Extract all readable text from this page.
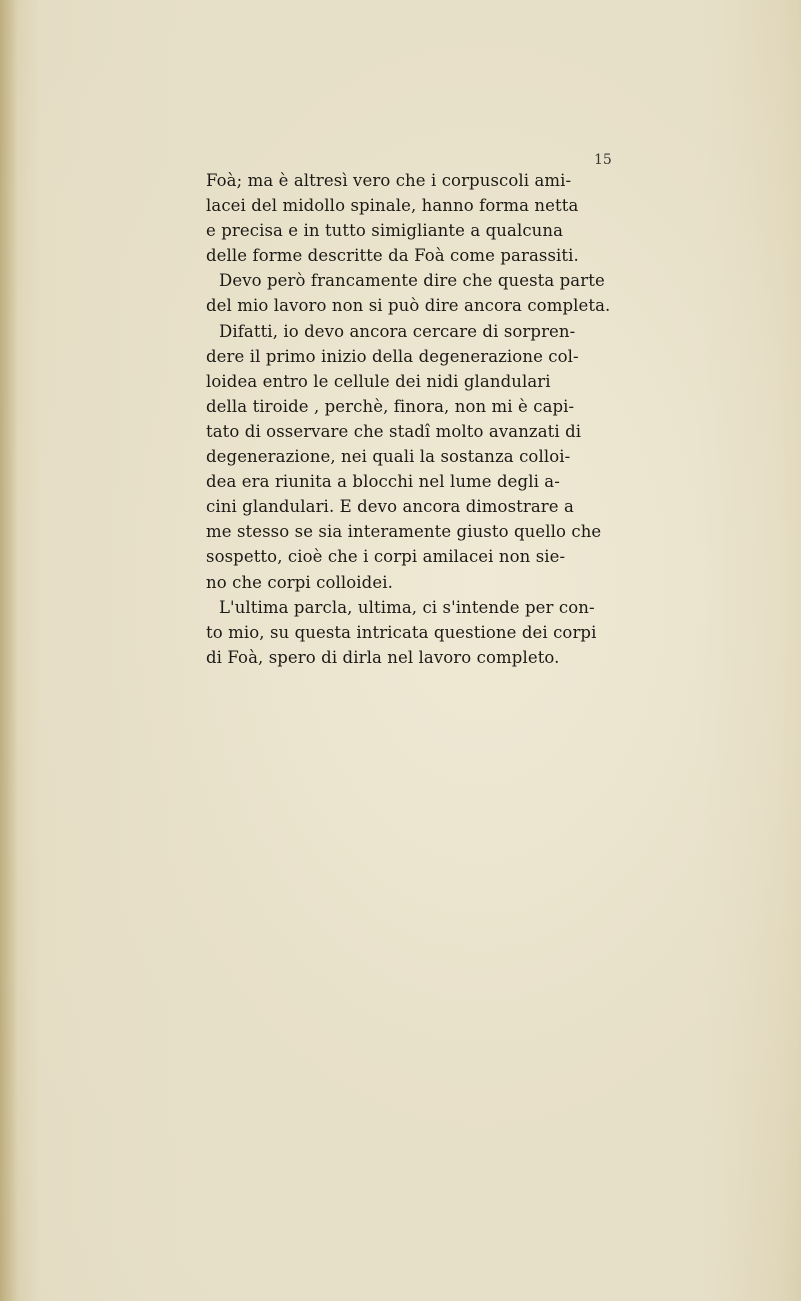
15
Foà; ma è altresì vero che i corpuscoli ami-
lacei del midollo spinale, hanno forma netta
e precisa e in tutto simigliante a qualcuna
delle forme descritte da Foà come parassiti.
Devo però francamente dire che questa parte
del mio lavoro non si può dire ancora completa.
Difatti, io devo ancora cercare di sorpren-
dere il primo inizio della degenerazione col-
loidea entro le cellule dei nidi glandulari
della tiroide , perchè, finora, non mi è capi-
tato di osservare che stadî molto avanzati di
degenerazione, nei quali la sostanza colloi-
dea era riunita a blocchi nel lume degli a-
cini glandulari. E devo ancora dimostrare a
me stesso se sia interamente giusto quello che
sospetto, cioè che i corpi amilacei non sie-
no che corpi colloidei.
L'ultima parcla, ultima, ci s'intende per con-
to mio, su questa intricata questione dei corpi
di Foà, spero di dirla nel lavoro completo.
